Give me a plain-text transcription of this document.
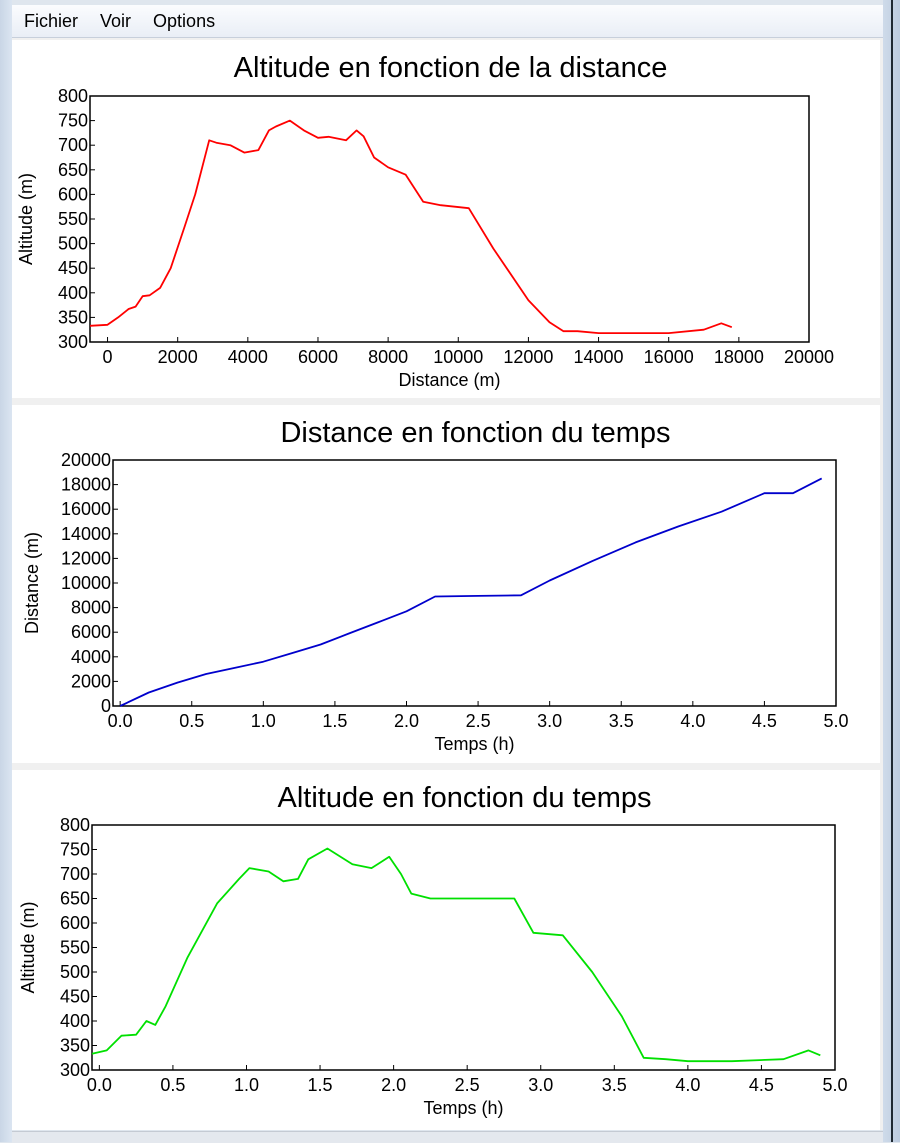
Fichier	Voir	Options
Altitude en fonction de la distance
0	2000 4000 6000 8000 10000 12000 14000 16000 18000 20000
300
350
400
450
500
550
600
650
700
750
800
Distance (m)
Altitude (m)
Distance en fonction du temps
0.0	0.5	1.0	1.5	2.0	2.5	3.0	3.5	4.0	4.5	5.0
0
2000
4000
6000
8000
10000
12000
14000
16000
18000
20000
Temps (h)
Distance (m)
Altitude en fonction du temps
0.0	0.5	1.0	1.5	2.0	2.5	3.0	3.5	4.0	4.5	5.0
300
350
400
450
500
550
600
650
700
750
800
Temps (h)
Altitude (m)
